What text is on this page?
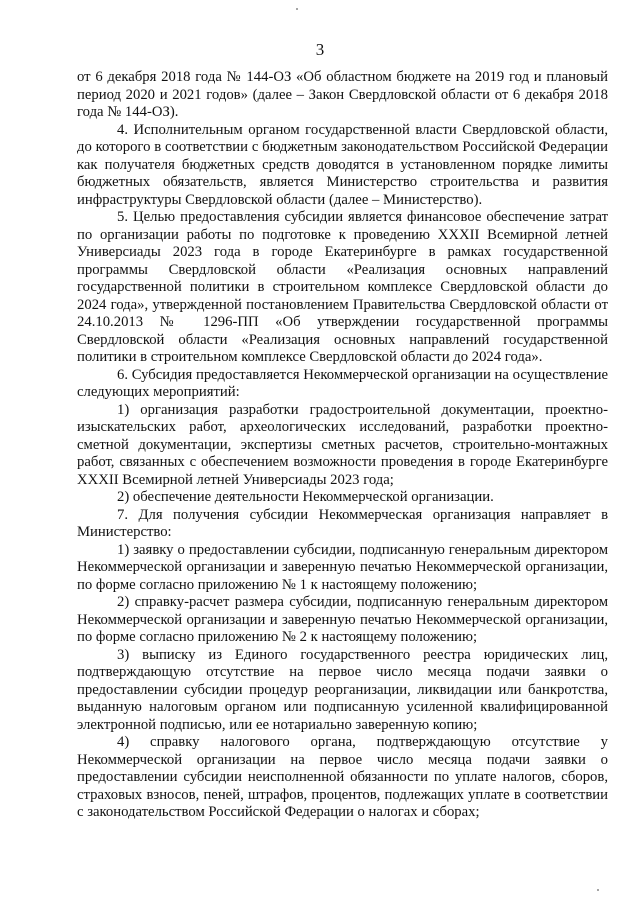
3

от 6 декабря 2018 года № 144-ОЗ «Об областном бюджете на 2019 год и плановый период 2020 и 2021 годов» (далее – Закон Свердловской области от 6 декабря 2018 года № 144-ОЗ).

4. Исполнительным органом государственной власти Свердловской области, до которого в соответствии с бюджетным законодательством Российской Федерации как получателя бюджетных средств доводятся в установленном порядке лимиты бюджетных обязательств, является Министерство строительства и развития инфраструктуры Свердловской области (далее – Министерство).

5. Целью предоставления субсидии является финансовое обеспечение затрат по организации работы по подготовке к проведению XXXII Всемирной летней Универсиады 2023 года в городе Екатеринбурге в рамках государственной программы Свердловской области «Реализация основных направлений государственной политики в строительном комплексе Свердловской области до 2024 года», утвержденной постановлением Правительства Свердловской области от 24.10.2013 № 1296-ПП «Об утверждении государственной программы Свердловской области «Реализация основных направлений государственной политики в строительном комплексе Свердловской области до 2024 года».

6. Субсидия предоставляется Некоммерческой организации на осуществление следующих мероприятий:

1) организация разработки градостроительной документации, проектно-изыскательских работ, археологических исследований, разработки проектно-сметной документации, экспертизы сметных расчетов, строительно-монтажных работ, связанных с обеспечением возможности проведения в городе Екатеринбурге XXXII Всемирной летней Универсиады 2023 года;

2) обеспечение деятельности Некоммерческой организации.

7. Для получения субсидии Некоммерческая организация направляет в Министерство:

1) заявку о предоставлении субсидии, подписанную генеральным директором Некоммерческой организации и заверенную печатью Некоммерческой организации, по форме согласно приложению № 1 к настоящему положению;

2) справку-расчет размера субсидии, подписанную генеральным директором Некоммерческой организации и заверенную печатью Некоммерческой организации, по форме согласно приложению № 2 к настоящему положению;

3) выписку из Единого государственного реестра юридических лиц, подтверждающую отсутствие на первое число месяца подачи заявки о предоставлении субсидии процедур реорганизации, ликвидации или банкротства, выданную налоговым органом или подписанную усиленной квалифицированной электронной подписью, или ее нотариально заверенную копию;

4) справку налогового органа, подтверждающую отсутствие у Некоммерческой организации на первое число месяца подачи заявки о предоставлении субсидии неисполненной обязанности по уплате налогов, сборов, страховых взносов, пеней, штрафов, процентов, подлежащих уплате в соответствии с законодательством Российской Федерации о налогах и сборах;
